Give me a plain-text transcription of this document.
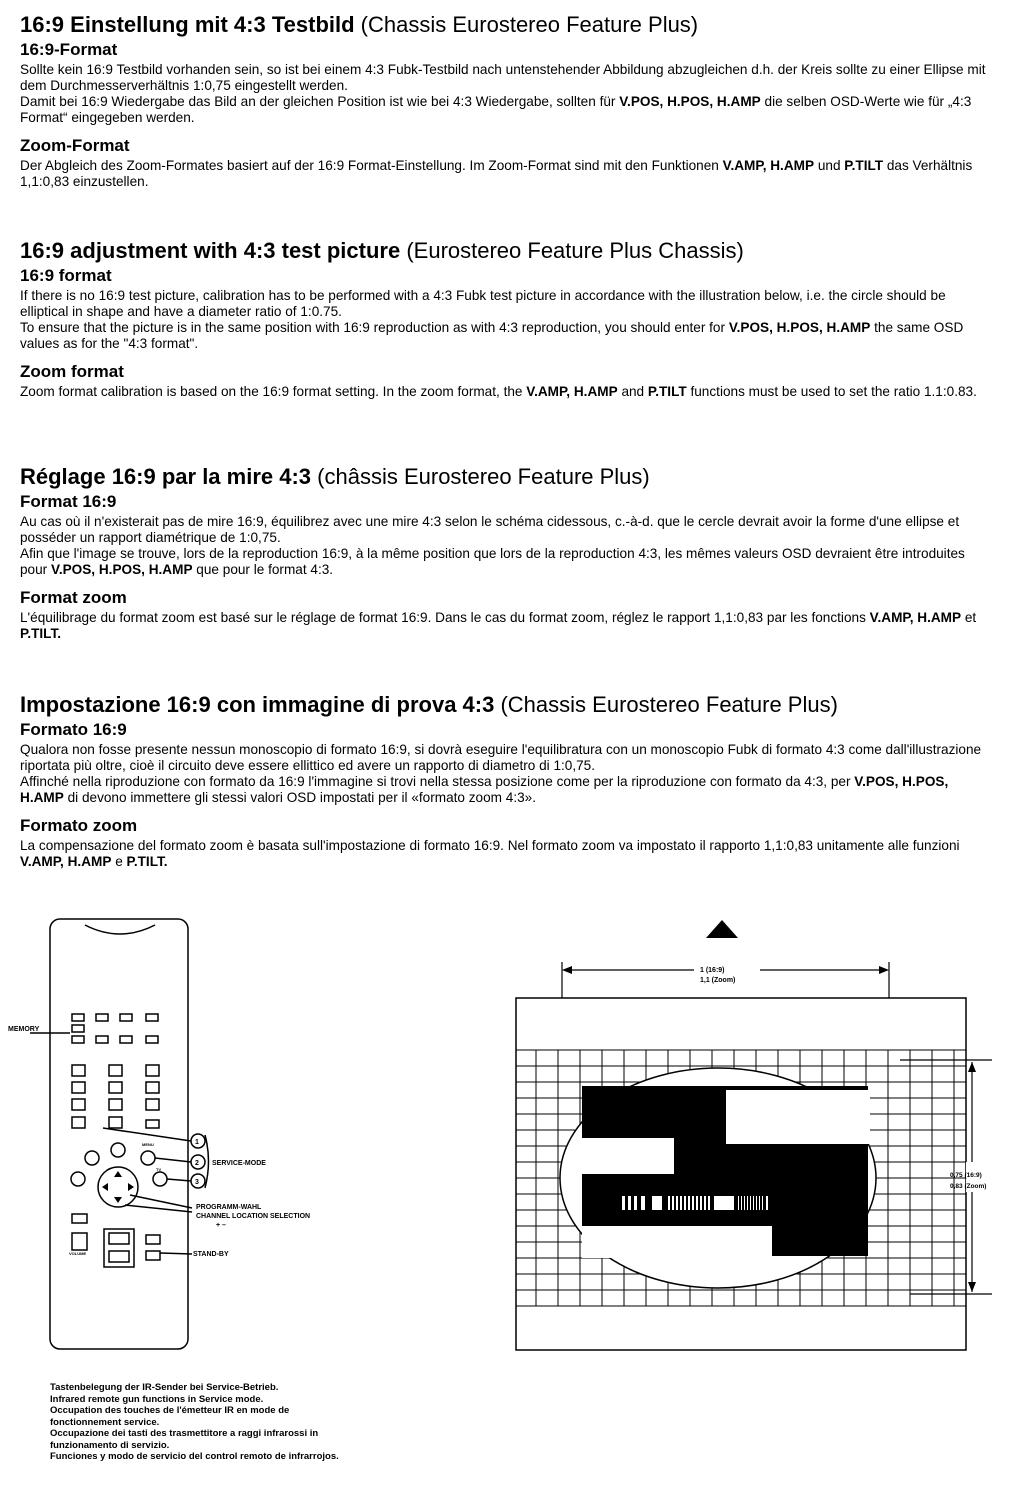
16:9 Einstellung mit 4:3 Testbild (Chassis Eurostereo Feature Plus)
16:9-Format

Sollte kein 16:9 Testbild vorhanden sein, so ist bei einem 4:3 Fubk-Testbild nach untenstehender Abbildung abzugleichen d.h. der Kreis sollte zu einer Ellipse mit dem Durchmesserverhältnis 1:0,75 eingestellt werden.
Damit bei 16:9 Wiedergabe das Bild an der gleichen Position ist wie bei 4:3 Wiedergabe, sollten für V.POS, H.POS, H.AMP die selben OSD-Werte wie für „4:3 Format“ eingegeben werden.

Zoom-Format

Der Abgleich des Zoom-Formates basiert auf der 16:9 Format-Einstellung. Im Zoom-Format sind mit den Funktionen V.AMP, H.AMP und P.TILT das Verhältnis 1,1:0,83 einzustellen.

16:9 adjustment with 4:3 test picture (Eurostereo Feature Plus Chassis)
16:9 format

If there is no 16:9 test picture, calibration has to be performed with a 4:3 Fubk test picture in accordance with the illustration below, i.e. the circle should be elliptical in shape and have a diameter ratio of 1:0.75.
To ensure that the picture is in the same position with 16:9 reproduction as with 4:3 reproduction, you should enter for V.POS, H.POS, H.AMP the same OSD values as for the "4:3 format".

Zoom format

Zoom format calibration is based on the 16:9 format setting. In the zoom format, the V.AMP, H.AMP and P.TILT functions must be used to set the ratio 1.1:0.83.

Réglage 16:9 par la mire 4:3 (châssis Eurostereo Feature Plus)
Format 16:9

Au cas où il n'existerait pas de mire 16:9, équilibrez avec une mire 4:3 selon le schéma cidessous, c.-à-d. que le cercle devrait avoir la forme d'une ellipse et posséder un rapport diamétrique de 1:0,75.
Afin que l'image se trouve, lors de la reproduction 16:9, à la même position que lors de la reproduction 4:3, les mêmes valeurs OSD devraient être introduites pour V.POS, H.POS, H.AMP que pour le format 4:3.

Format zoom

L'équilibrage du format zoom est basé sur le réglage de format 16:9. Dans le cas du format zoom, réglez le rapport 1,1:0,83 par les fonctions V.AMP, H.AMP et P.TILT.

Impostazione 16:9 con immagine di prova 4:3 (Chassis Eurostereo Feature Plus)
Formato 16:9

Qualora non fosse presente nessun monoscopio di formato 16:9, si dovrà eseguire l'equilibratura con un monoscopio Fubk di formato 4:3 come dall'illustrazione riportata più oltre, cioè il circuito deve essere ellittico ed avere un rapporto di diametro di 1:0,75.
Affinché nella riproduzione con formato da 16:9 l'immagine si trovi nella stessa posizione come per la riproduzione con formato da 4:3, per V.POS, H.POS, H.AMP di devono immettere gli stessi valori OSD impostati per il «formato zoom 4:3».

Formato zoom

La compensazione del formato zoom è basata sull'impostazione di formato 16:9. Nel formato zoom va impostato il rapporto 1,1:0,83 unitamente alle funzioni V.AMP, H.AMP e P.TILT.

MEMORY
1
2
3
SERVICE-MODE
PROGRAMM-WAHL
CHANNEL LOCATION SELECTION
+ –
STAND-BY
MENU
TV
VOLUME
Tastenbelegung der IR-Sender bei Service-Betrieb.
Infrared remote gun functions in Service mode.
Occupation des touches de l'émetteur IR en mode de fonctionnement service.
Occupazione dei tasti des trasmettitore a raggi infrarossi in funzionamento di servizio.
Funciones y modo de servicio del control remoto de infrarrojos.
1 (16:9)
1,1 (Zoom)
0,75 (16:9)
0,83 (Zoom)
